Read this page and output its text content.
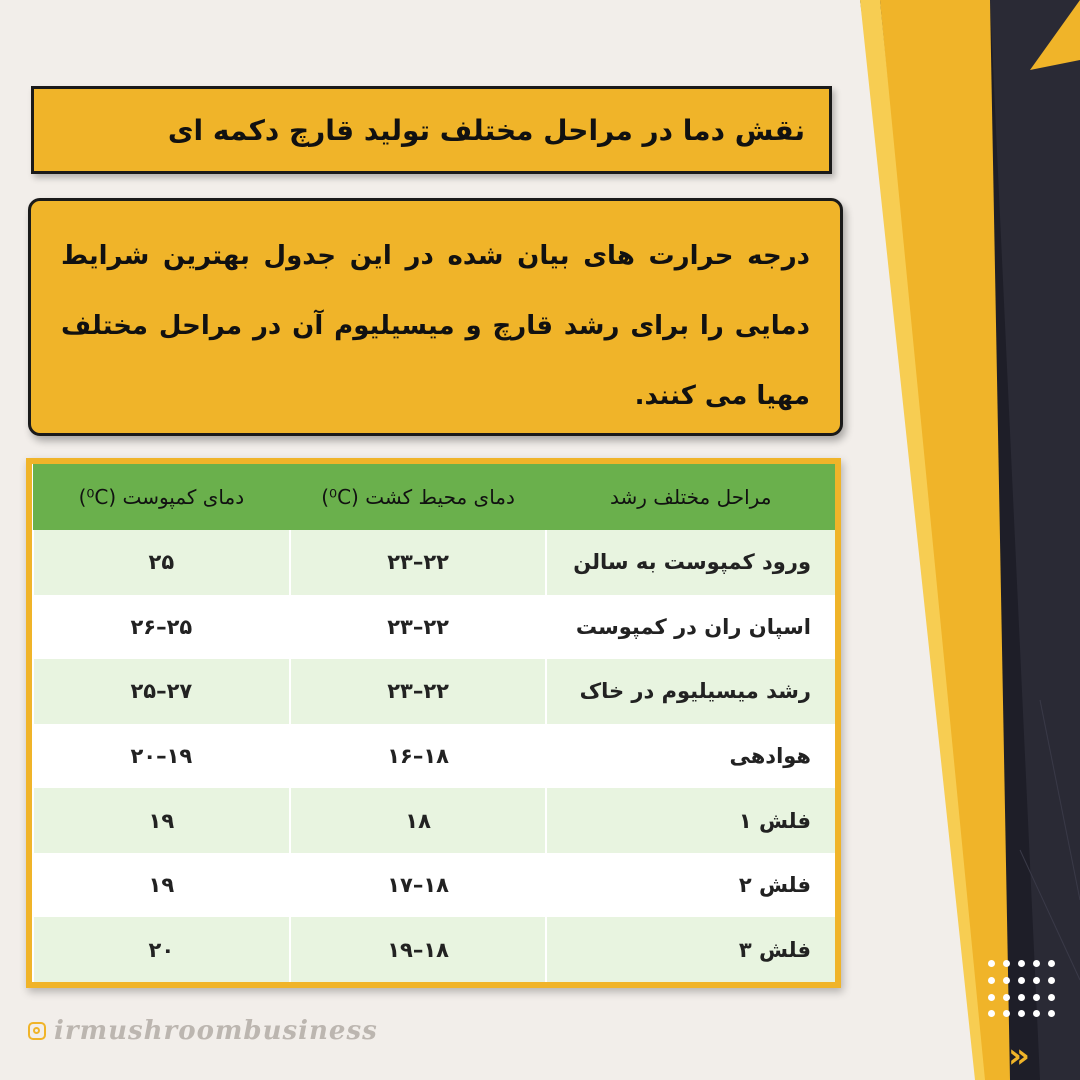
نقش دما در مراحل مختلف تولید قارچ دکمه ای

درجه حرارت های بیان شده در این جدول بهترین شرایط دمایی را برای رشد قارچ و میسیلیوم آن در مراحل مختلف مهیا می کنند.

مراحل مختلف رشد	دمای محیط کشت (⁰C)	دمای کمپوست (⁰C)
ورود کمپوست به سالن	۲۲–۲۳	۲۵
اسپان ران در کمپوست	۲۲–۲۳	۲۵–۲۶
رشد میسیلیوم در خاک	۲۲–۲۳	۲۷–۲۵
هوادهی	۱۸–۱۶	۱۹–۲۰
فلش ۱	۱۸	۱۹
فلش ۲	۱۸–۱۷	۱۹
فلش ۳	۱۸–۱۹	۲۰
irmushroombusiness
››
